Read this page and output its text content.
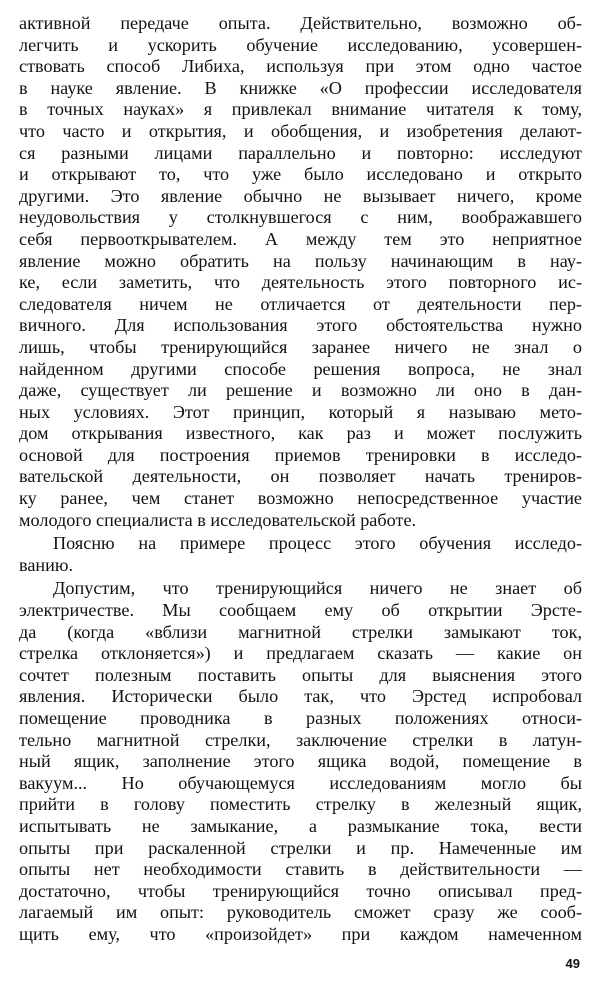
активной передаче опыта. Действительно, возможно об-
легчить и ускорить обучение исследованию, усовершен-
ствовать способ Либиха, используя при этом одно частое
в науке явление. В книжке «О профессии исследователя
в точных науках» я привлекал внимание читателя к тому,
что часто и открытия, и обобщения, и изобретения делают-
ся разными лицами параллельно и повторно: исследуют
и открывают то, что уже было исследовано и открыто
другими. Это явление обычно не вызывает ничего, кроме
неудовольствия у столкнувшегося с ним, воображавшего
себя первооткрывателем. А между тем это неприятное
явление можно обратить на пользу начинающим в нау-
ке, если заметить, что деятельность этого повторного ис-
следователя ничем не отличается от деятельности пер-
вичного. Для использования этого обстоятельства нужно
лишь, чтобы тренирующийся заранее ничего не знал о
найденном другими способе решения вопроса, не знал
даже, существует ли решение и возможно ли оно в дан-
ных условиях. Этот принцип, который я называю мето-
дом открывания известного, как раз и может послужить
основой для построения приемов тренировки в исследо-
вательской деятельности, он позволяет начать трениров-
ку ранее, чем станет возможно непосредственное участие
молодого специалиста в исследовательской работе.
Поясню на примере процесс этого обучения исследо-
ванию.
Допустим, что тренирующийся ничего не знает об
электричестве. Мы сообщаем ему об открытии Эрсте-
да (когда «вблизи магнитной стрелки замыкают ток,
стрелка отклоняется») и предлагаем сказать — какие он
сочтет полезным поставить опыты для выяснения этого
явления. Исторически было так, что Эрстед испробовал
помещение проводника в разных положениях относи-
тельно магнитной стрелки, заключение стрелки в латун-
ный ящик, заполнение этого ящика водой, помещение в
вакуум... Но обучающемуся исследованиям могло бы
прийти в голову поместить стрелку в железный ящик,
испытывать не замыкание, а размыкание тока, вести
опыты при раскаленной стрелки и пр. Намеченные им
опыты нет необходимости ставить в действительности —
достаточно, чтобы тренирующийся точно описывал пред-
лагаемый им опыт: руководитель сможет сразу же сооб-
щить ему, что «произойдет» при каждом намеченном
49
